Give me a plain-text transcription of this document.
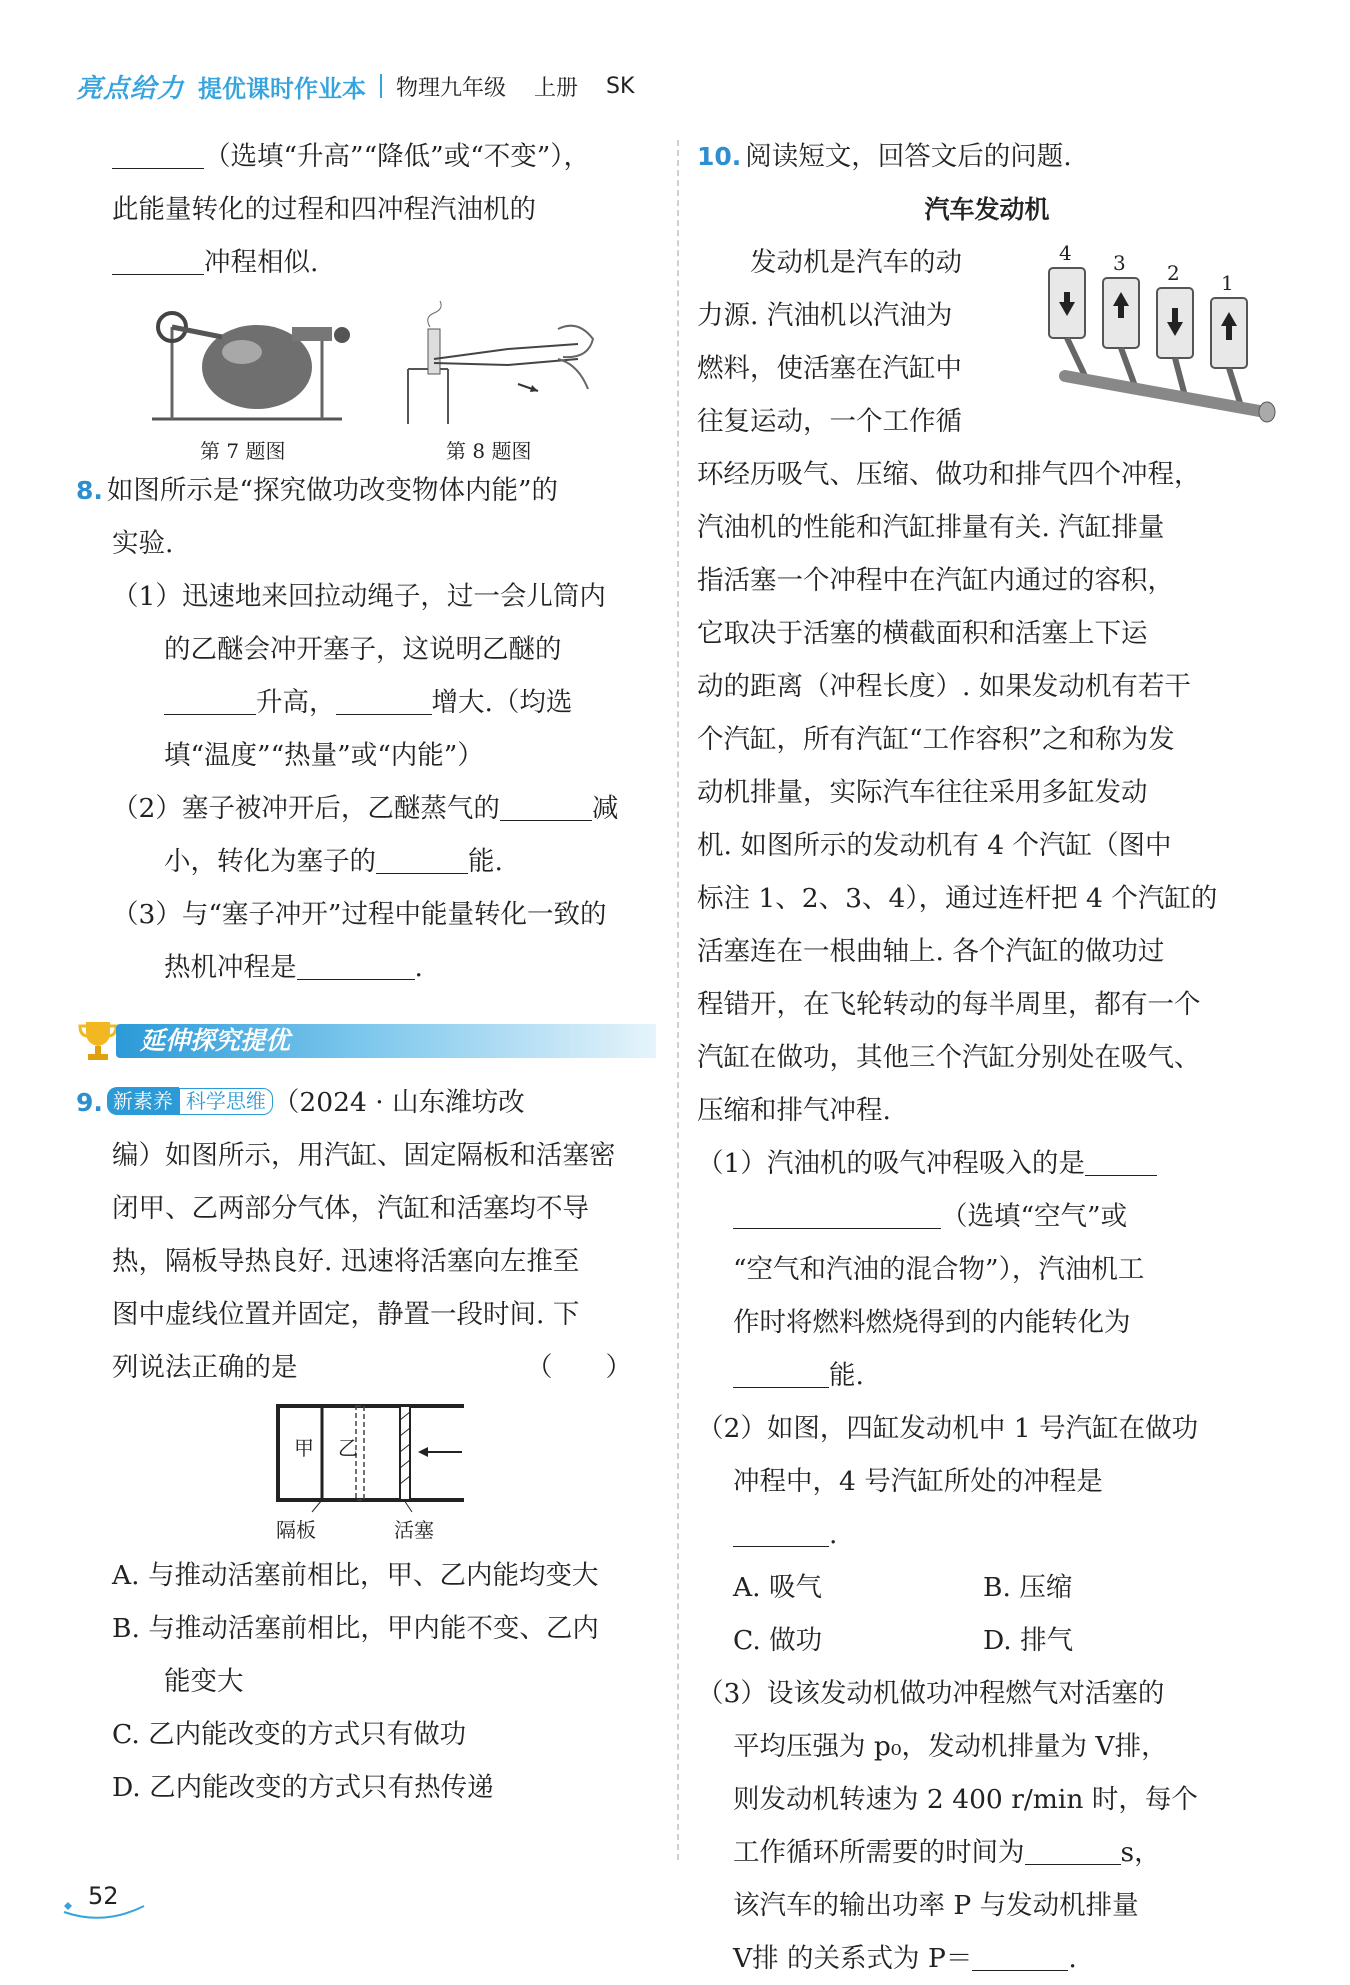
亮点给力 提优课时作业本 物理九年级 上册 SK
（选填“升高”“降低”或“不变”），
此能量转化的过程和四冲程汽油机的
冲程相似.
第 7 题图	第 8 题图
8. 如图所示是“探究做功改变物体内能”的
实验.
（1）迅速地来回拉动绳子，过一会儿筒内
的乙醚会冲开塞子，这说明乙醚的
升高，	增大.（均选
填“温度”“热量”或“内能”）
（2）塞子被冲开后，乙醚蒸气的	减
小，转化为塞子的	能.
（3）与“塞子冲开”过程中能量转化一致的
热机冲程是	.
延伸探究提优
9. 新素养 科学思维 （2024 · 山东潍坊改
编）如图所示，用汽缸、固定隔板和活塞密
闭甲、乙两部分气体，汽缸和活塞均不导
热，隔板导热良好. 迅速将活塞向左推至
图中虚线位置并固定，静置一段时间. 下
列说法正确的是	（　　）
甲 乙
隔板	活塞
A. 与推动活塞前相比，甲、乙内能均变大
B. 与推动活塞前相比，甲内能不变、乙内
能变大
C. 乙内能改变的方式只有做功
D. 乙内能改变的方式只有热传递
52
10. 阅读短文，回答文后的问题.
汽车发动机
　　发动机是汽车的动
力源. 汽油机以汽油为
燃料，使活塞在汽缸中
往复运动，一个工作循
4 3 2 1
环经历吸气、压缩、做功和排气四个冲程，
汽油机的性能和汽缸排量有关. 汽缸排量
指活塞一个冲程中在汽缸内通过的容积，
它取决于活塞的横截面积和活塞上下运
动的距离（冲程长度）. 如果发动机有若干
个汽缸，所有汽缸“工作容积”之和称为发
动机排量，实际汽车往往采用多缸发动
机. 如图所示的发动机有 4 个汽缸（图中
标注 1、2、3、4），通过连杆把 4 个汽缸的
活塞连在一根曲轴上. 各个汽缸的做功过
程错开，在飞轮转动的每半周里，都有一个
汽缸在做功，其他三个汽缸分别处在吸气、
压缩和排气冲程.
（1）汽油机的吸气冲程吸入的是
（选填“空气”或
“空气和汽油的混合物”），汽油机工
作时将燃料燃烧得到的内能转化为
能.
（2）如图，四缸发动机中 1 号汽缸在做功
冲程中，4 号汽缸所处的冲程是
.
A. 吸气	B. 压缩
C. 做功	D. 排气
（3）设该发动机做功冲程燃气对活塞的
平均压强为 p₀，发动机排量为 V排，
则发动机转速为 2 400 r/min 时，每个
工作循环所需要的时间为	s，
该汽车的输出功率 P 与发动机排量
V排 的关系式为 P＝	.
